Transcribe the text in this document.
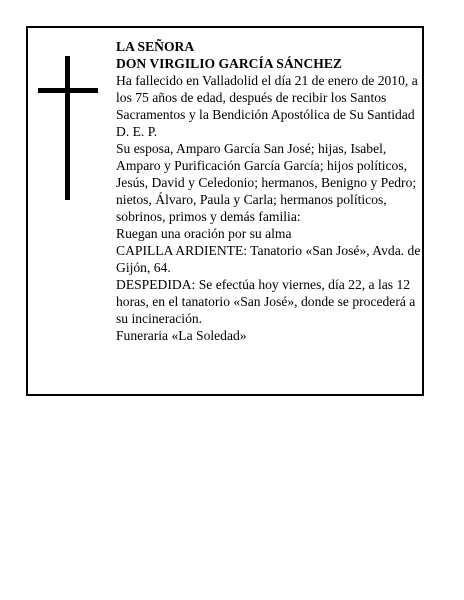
LA SEÑORA

DON VIRGILIO GARCÍA SÁNCHEZ

Ha fallecido en Valladolid el día 21 de enero de 2010, a los 75 años de edad, después de recibir los Santos Sacramentos y la Bendición Apostólica de Su Santidad D. E. P.

Su esposa, Amparo García San José; hijas, Isabel, Amparo y Purificación García García; hijos políticos, Jesús, David y Celedonio; hermanos, Benigno y Pedro; nietos, Álvaro, Paula y Carla; hermanos políticos, sobrinos, primos y demás familia:

Ruegan una oración por su alma

CAPILLA ARDIENTE: Tanatorio «San José», Avda. de Gijón, 64.

DESPEDIDA: Se efectúa hoy viernes, día 22, a las 12 horas, en el tanatorio «San José», donde se procederá a su incineración.

Funeraria «La Soledad»
